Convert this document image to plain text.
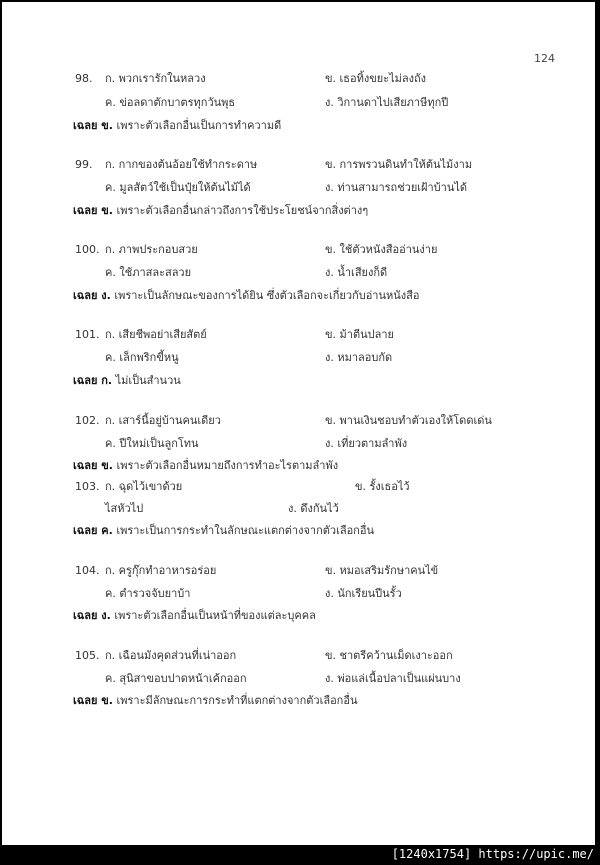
124
98. ก. พวกเรารักในหลวง	ข. เธอทิ้งขยะไม่ลงถัง
ค. ข่อลดาตักบาตรทุกวันพุธ	ง. วิกานดาไปเสียภาษีทุกปี
เฉลย ข. เพราะตัวเลือกอื่นเป็นการทำความดี
99. ก. กากของต้นอ้อยใช้ทำกระดาษ	ข. การพรวนดินทำให้ต้นไม้งาม
ค. มูลสัตว์ใช้เป็นปุ๋ยให้ต้นไม้ได้	ง. ท่านสามารถช่วยเฝ้าบ้านได้
เฉลย ข. เพราะตัวเลือกอื่นกล่าวถึงการใช้ประโยชน์จากสิ่งต่างๆ
100. ก. ภาพประกอบสวย	ข. ใช้ตัวหนังสืออ่านง่าย
ค. ใช้ภาสละสลวย	ง. น้ำเสียงก็ดี
เฉลย ง. เพราะเป็นลักษณะของการได้ยิน ซึ่งตัวเลือกจะเกี่ยวกับอ่านหนังสือ
101. ก. เสียชีพอย่าเสียสัตย์	ข. ม้าตีนปลาย
ค. เล็กพริกขี้หนู	ง. หมาลอบกัด
เฉลย ก. ไม่เป็นสำนวน
102. ก. เสาร์นี้อยู่บ้านคนเดียว	ข. พานเงินชอบทำตัวเองให้โดดเด่น
ค. ปีใหม่เป็นลูกโทน	ง. เที่ยวตามลำพัง
เฉลย ข. เพราะตัวเลือกอื่นหมายถึงการทำอะไรตามลำพัง
103. ก. ฉุดไว้เขาด้วย	ข. รั้งเธอไว้
ไสหัวไป	ง. ดึงกันไว้
เฉลย ค. เพราะเป็นการกระทำในลักษณะแตกต่างจากตัวเลือกอื่น
104. ก. ครูกุ๊กทำอาหารอร่อย	ข. หมอเสริมรักษาคนไข้
ค. ตำรวจจับยาบ้า	ง. นักเรียนปีนรั้ว
เฉลย ง. เพราะตัวเลือกอื่นเป็นหน้าที่ของแต่ละบุคคล
105. ก. เฉือนมังคุดส่วนที่เน่าออก	ข. ชาตรีคว้านเม็ดเงาะออก
ค. สุนิสาขอบปาดหน้าเค้กออก	ง. พ่อแล่เนื้อปลาเป็นแผ่นบาง
เฉลย ข. เพราะมีลักษณะการกระทำที่แตกต่างจากตัวเลือกอื่น
[1240x1754] https://upic.me/
